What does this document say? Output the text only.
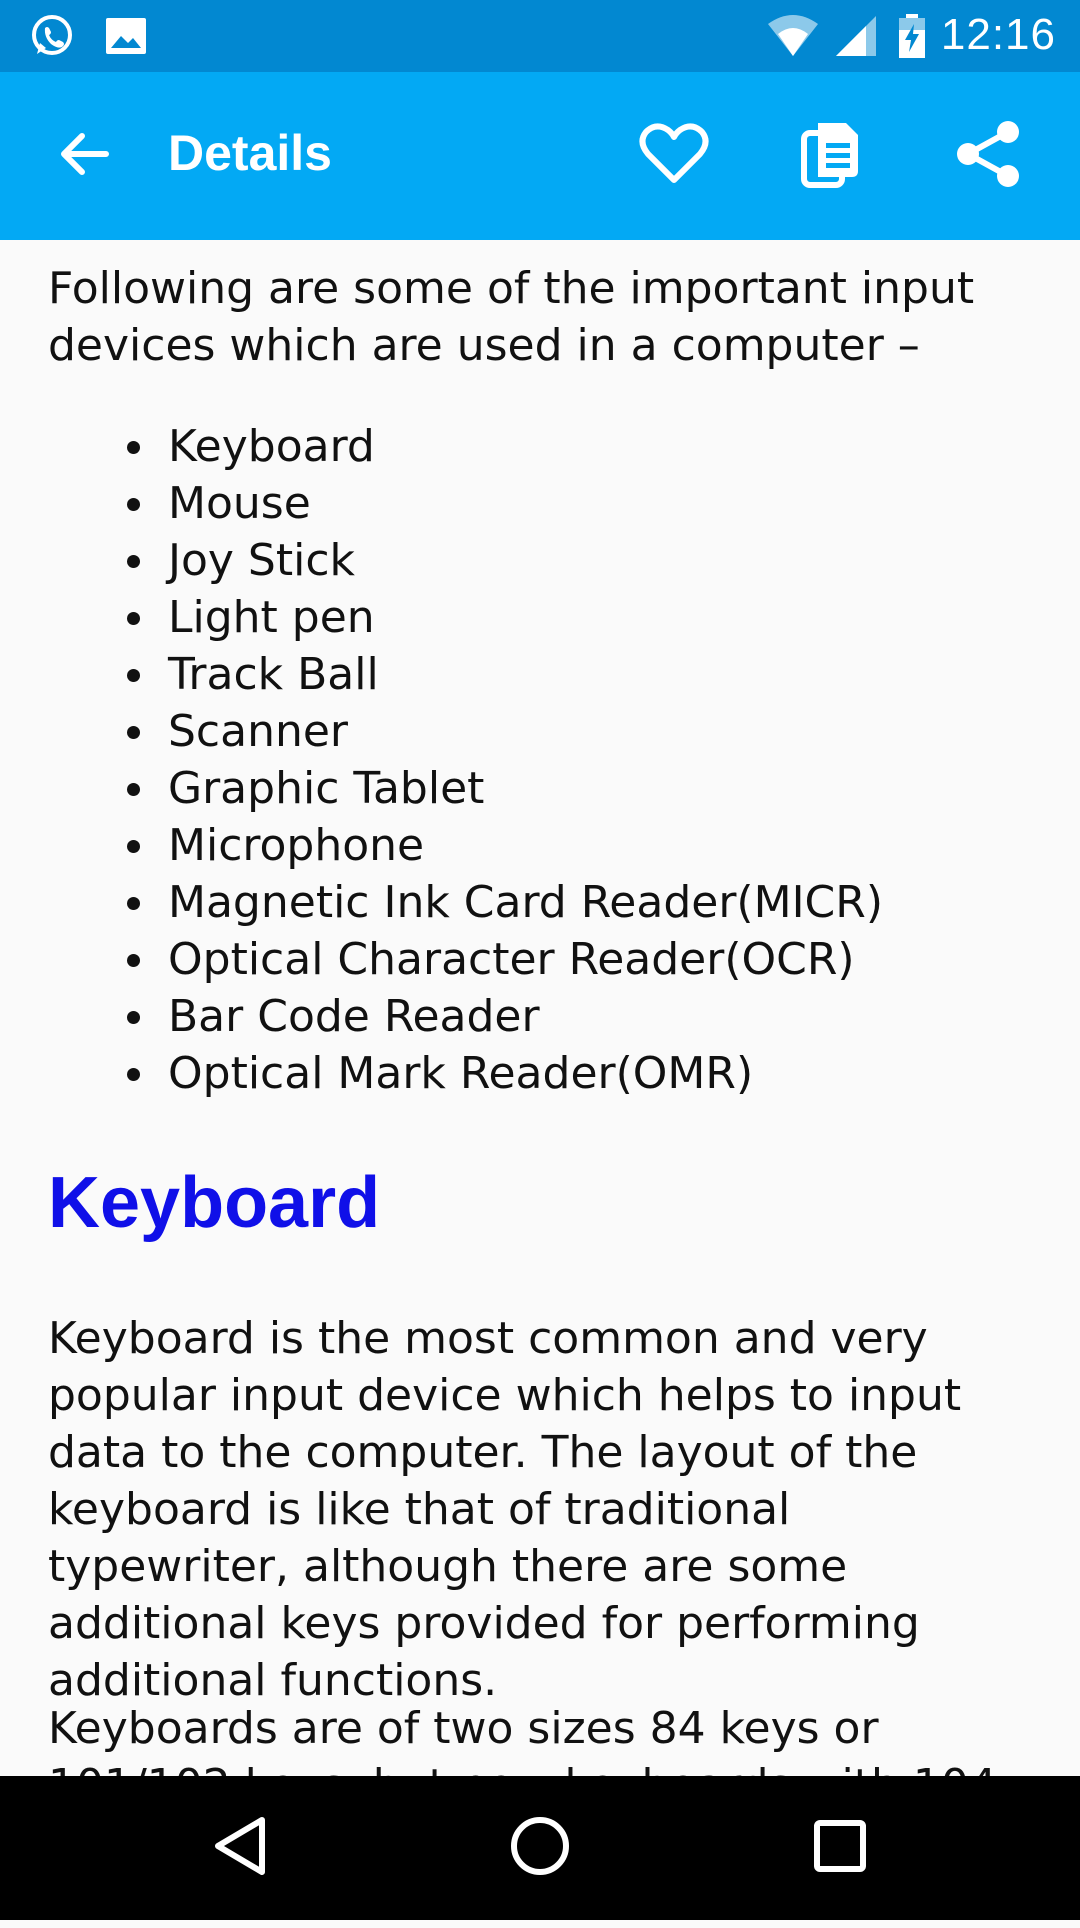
12:16
Details

Following are some of the important input devices which are used in a computer –

Keyboard
Mouse
Joy Stick
Light pen
Track Ball
Scanner
Graphic Tablet
Microphone
Magnetic Ink Card Reader(MICR)
Optical Character Reader(OCR)
Bar Code Reader
Optical Mark Reader(OMR)
Keyboard

Keyboard is the most common and very popular input device which helps to input data to the computer. The layout of the keyboard is like that of traditional typewriter, although there are some additional keys provided for performing additional functions.

Keyboards are of two sizes 84 keys or
